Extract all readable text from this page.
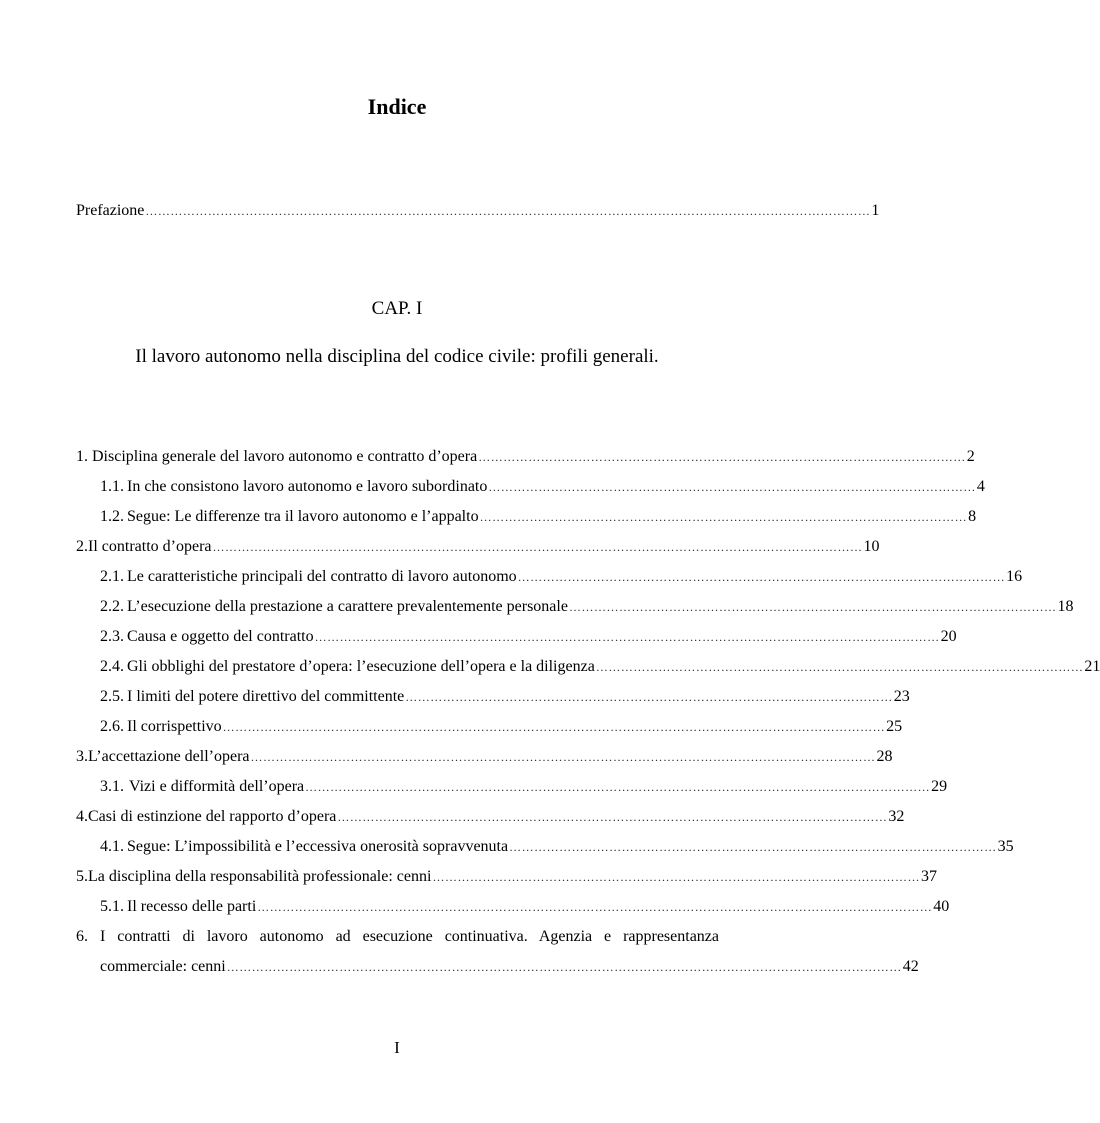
Indice
Prefazione ………………………………………………………………………………………………………………………………………………………… 1
CAP. I
Il lavoro autonomo nella disciplina del codice civile: profili generali.
1. Disciplina generale del lavoro autonomo e contratto d’opera ……………………………………………………………………………………………………… 2
1.1. In che consistono lavoro autonomo e lavoro subordinato ……………………………………………………………………………………………………… 4
1.2. Segue: Le differenze tra il lavoro autonomo e l’appalto ……………………………………………………………………………………………………… 8
2. Il contratto d’opera ………………………………………………………………………………………………………………………………………… 10
2.1. Le caratteristiche principali del contratto di lavoro autonomo ……………………………………………………………………………………………………… 16
2.2. L’esecuzione della prestazione a carattere prevalentemente personale ……………………………………………………………………………………………………… 18
2.3. Causa e oggetto del contratto …………………………………………………………………………………………………………………………………… 20
2.4. Gli obblighi del prestatore d’opera: l’esecuzione dell’opera e la diligenza ……………………………………………………………………………………………………… 21
2.5. I limiti del potere direttivo del committente ……………………………………………………………………………………………………… 23
2.6. Il corrispettivo …………………………………………………………………………………………………………………………………………… 25
3. L’accettazione dell’opera …………………………………………………………………………………………………………………………………… 28
3.1. Vizi e difformità dell’opera …………………………………………………………………………………………………………………………………… 29
4. Casi di estinzione del rapporto d’opera …………………………………………………………………………………………………………………… 32
4.1. Segue: L’impossibilità e l’eccessiva onerosità sopravvenuta ……………………………………………………………………………………………………… 35
5. La disciplina della responsabilità professionale: cenni ……………………………………………………………………………………………………… 37
5.1. Il recesso delle parti ……………………………………………………………………………………………………………………………………………… 40
6. I contratti di lavoro autonomo ad esecuzione continuativa. Agenzia e rappresentanza
commerciale: cenni ……………………………………………………………………………………………………………………………………………… 42
I
